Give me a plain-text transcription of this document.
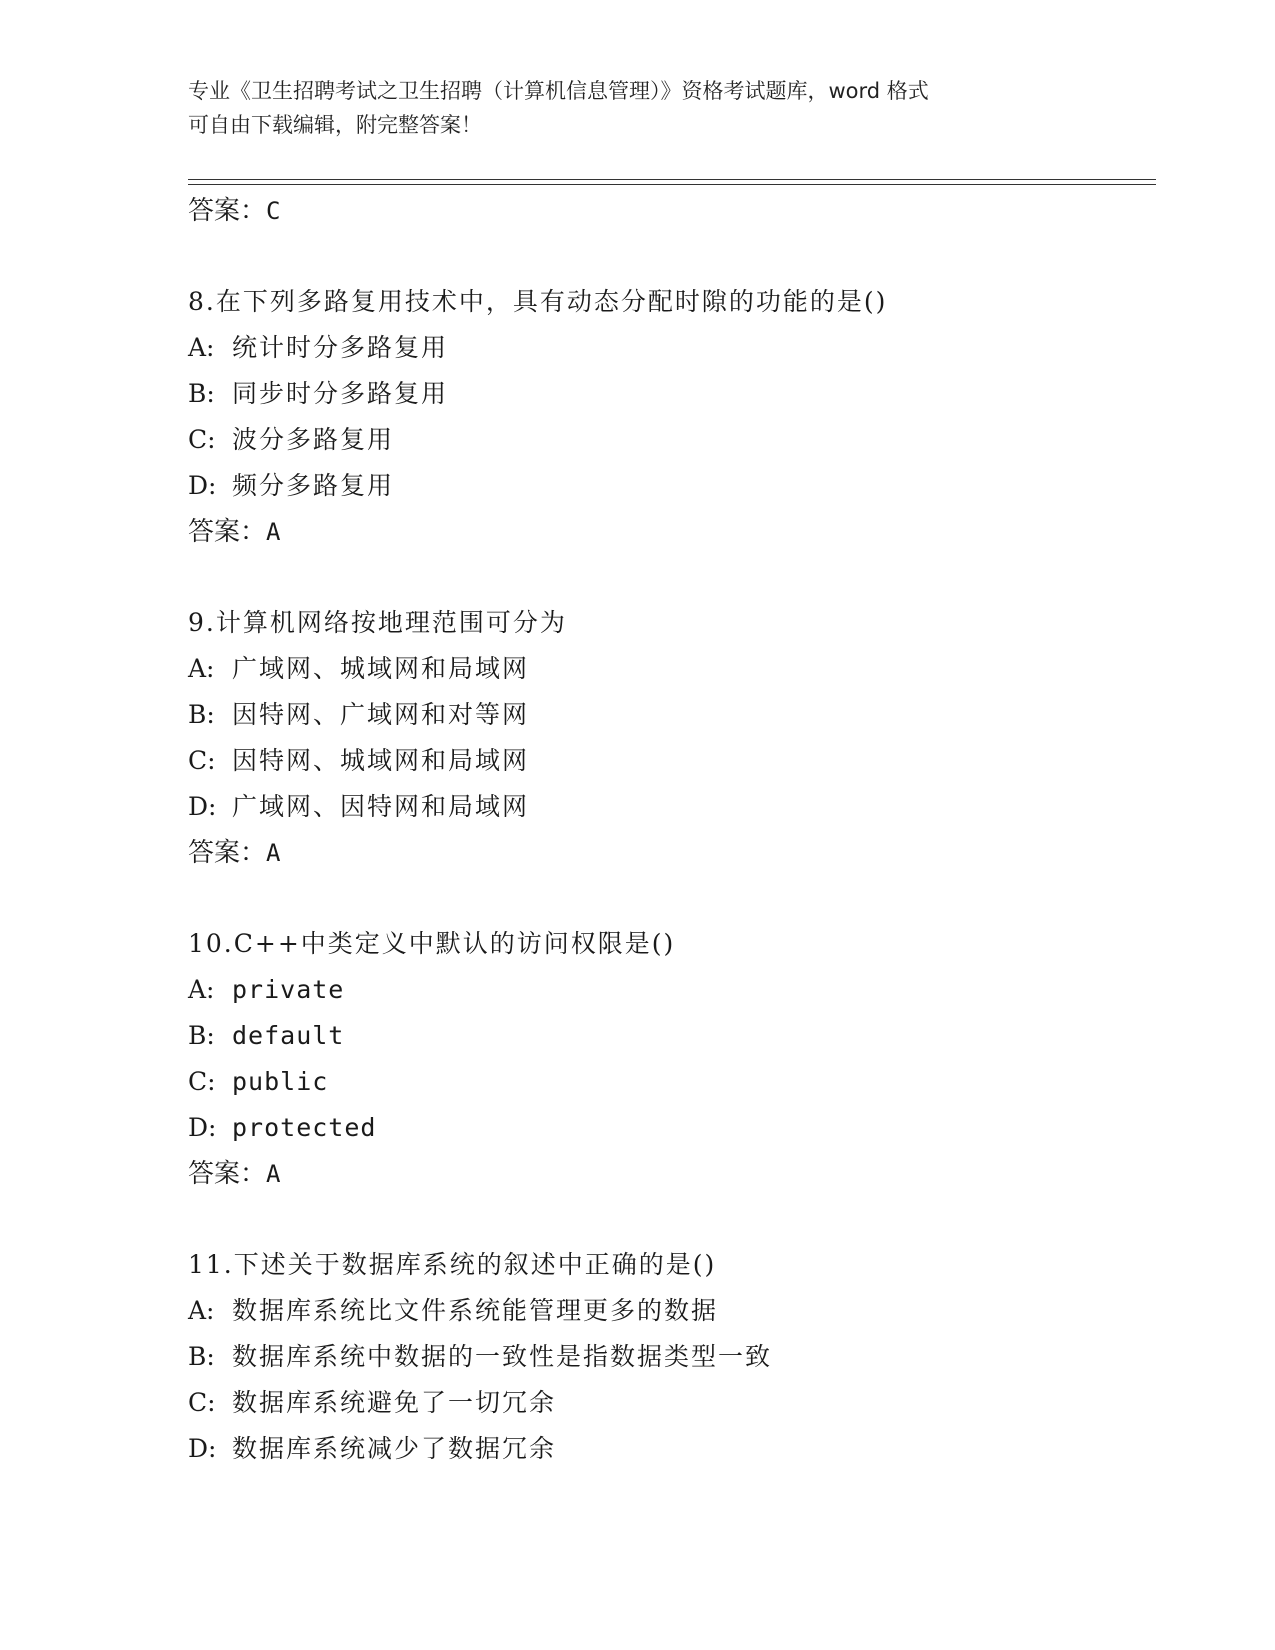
专业《卫生招聘考试之卫生招聘（计算机信息管理）》资格考试题库，word 格式
可自由下载编辑，附完整答案！
答案：C
8.在下列多路复用技术中，具有动态分配时隙的功能的是()
A: 统计时分多路复用
B: 同步时分多路复用
C: 波分多路复用
D: 频分多路复用
答案：A
9.计算机网络按地理范围可分为
A: 广域网、城域网和局域网
B: 因特网、广域网和对等网
C: 因特网、城域网和局域网
D: 广域网、因特网和局域网
答案：A
10.C++中类定义中默认的访问权限是()
A: private
B: default
C: public
D: protected
答案：A
11.下述关于数据库系统的叙述中正确的是()
A: 数据库系统比文件系统能管理更多的数据
B: 数据库系统中数据的一致性是指数据类型一致
C: 数据库系统避免了一切冗余
D: 数据库系统减少了数据冗余
